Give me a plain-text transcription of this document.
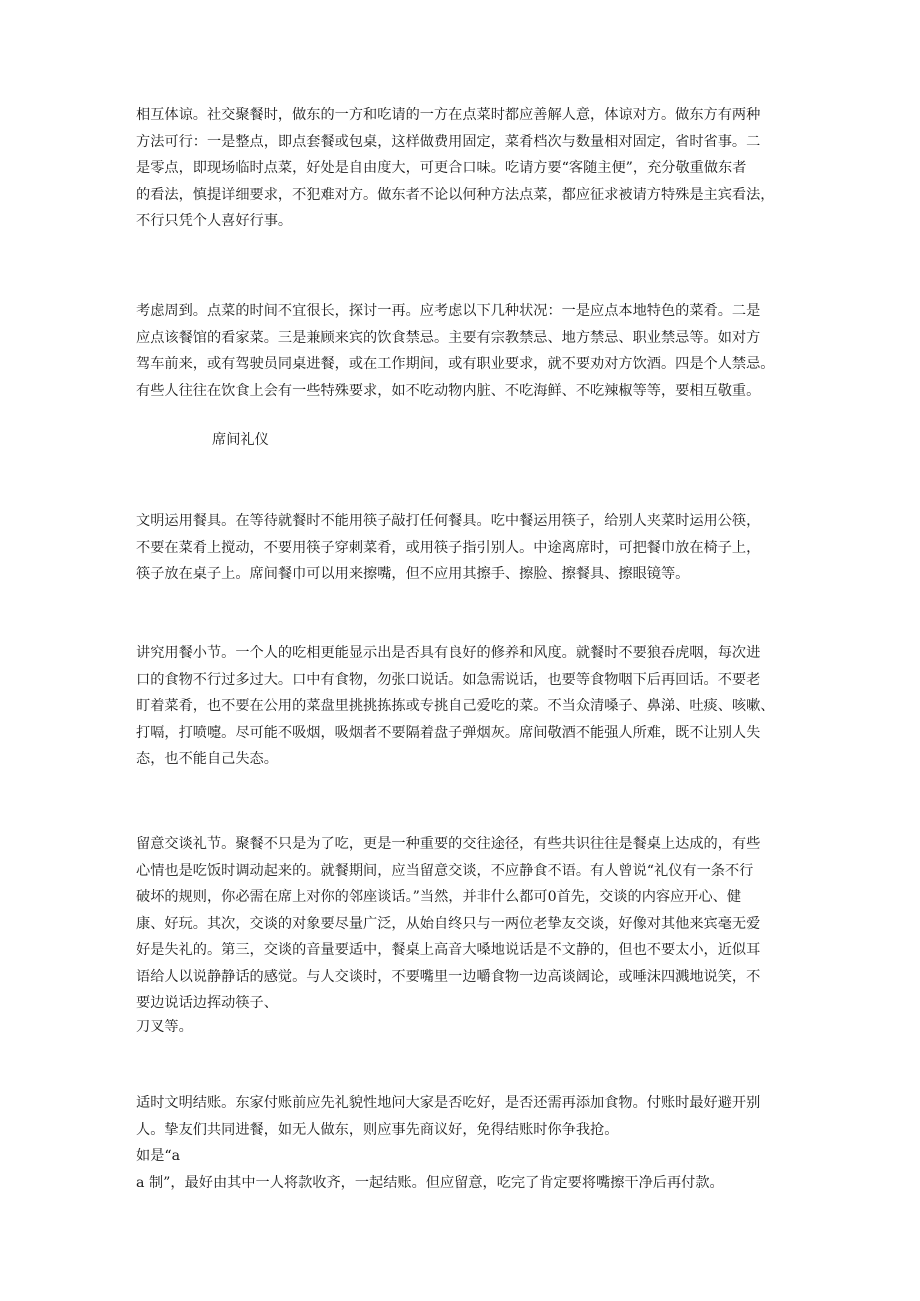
相互体谅。社交聚餐时，做东的一方和吃请的一方在点菜时都应善解人意，体谅对方。做东方有两种
方法可行：一是整点，即点套餐或包桌，这样做费用固定，菜肴档次与数量相对固定，省时省事。二
是零点，即现场临时点菜，好处是自由度大，可更合口味。吃请方要“客随主便”，充分敬重做东者
的看法，慎提详细要求，不犯难对方。做东者不论以何种方法点菜，都应征求被请方特殊是主宾看法，
不行只凭个人喜好行事。
考虑周到。点菜的时间不宜很长，探讨一再。应考虑以下几种状况：一是应点本地特色的菜肴。二是
应点该餐馆的看家菜。三是兼顾来宾的饮食禁忌。主要有宗教禁忌、地方禁忌、职业禁忌等。如对方
驾车前来，或有驾驶员同桌进餐，或在工作期间，或有职业要求，就不要劝对方饮酒。四是个人禁忌。
有些人往往在饮食上会有一些特殊要求，如不吃动物内脏、不吃海鲜、不吃辣椒等等，要相互敬重。
席间礼仪
文明运用餐具。在等待就餐时不能用筷子敲打任何餐具。吃中餐运用筷子，给别人夹菜时运用公筷，
不要在菜肴上搅动，不要用筷子穿刺菜肴，或用筷子指引别人。中途离席时，可把餐巾放在椅子上，
筷子放在桌子上。席间餐巾可以用来擦嘴，但不应用其擦手、擦脸、擦餐具、擦眼镜等。
讲究用餐小节。一个人的吃相更能显示出是否具有良好的修养和风度。就餐时不要狼吞虎咽，每次进
口的食物不行过多过大。口中有食物，勿张口说话。如急需说话，也要等食物咽下后再回话。不要老
盯着菜肴，也不要在公用的菜盘里挑挑拣拣或专挑自己爱吃的菜。不当众清嗓子、鼻涕、吐痰、咳嗽、
打嗝，打喷嚏。尽可能不吸烟，吸烟者不要隔着盘子弹烟灰。席间敬酒不能强人所难，既不让别人失
态，也不能自己失态。
留意交谈礼节。聚餐不只是为了吃，更是一种重要的交往途径，有些共识往往是餐桌上达成的，有些
心情也是吃饭时调动起来的。就餐期间，应当留意交谈，不应静食不语。有人曾说“礼仪有一条不行
破坏的规则，你必需在席上对你的邻座谈话。”当然，并非什么都可0首先，交谈的内容应开心、健
康、好玩。其次，交谈的对象要尽量广泛，从始自终只与一两位老挚友交谈，好像对其他来宾毫无爱
好是失礼的。第三，交谈的音量要适中，餐桌上高音大嗓地说话是不文静的，但也不要太小，近似耳
语给人以说静静话的感觉。与人交谈时，不要嘴里一边嚼食物一边高谈阔论，或唾沫四溅地说笑，不
要边说话边挥动筷子、
刀叉等。
适时文明结账。东家付账前应先礼貌性地问大家是否吃好，是否还需再添加食物。付账时最好避开别
人。挚友们共同进餐，如无人做东，则应事先商议好，免得结账时你争我抢。
如是“a
a 制”，最好由其中一人将款收齐，一起结账。但应留意，吃完了肯定要将嘴擦干净后再付款。
